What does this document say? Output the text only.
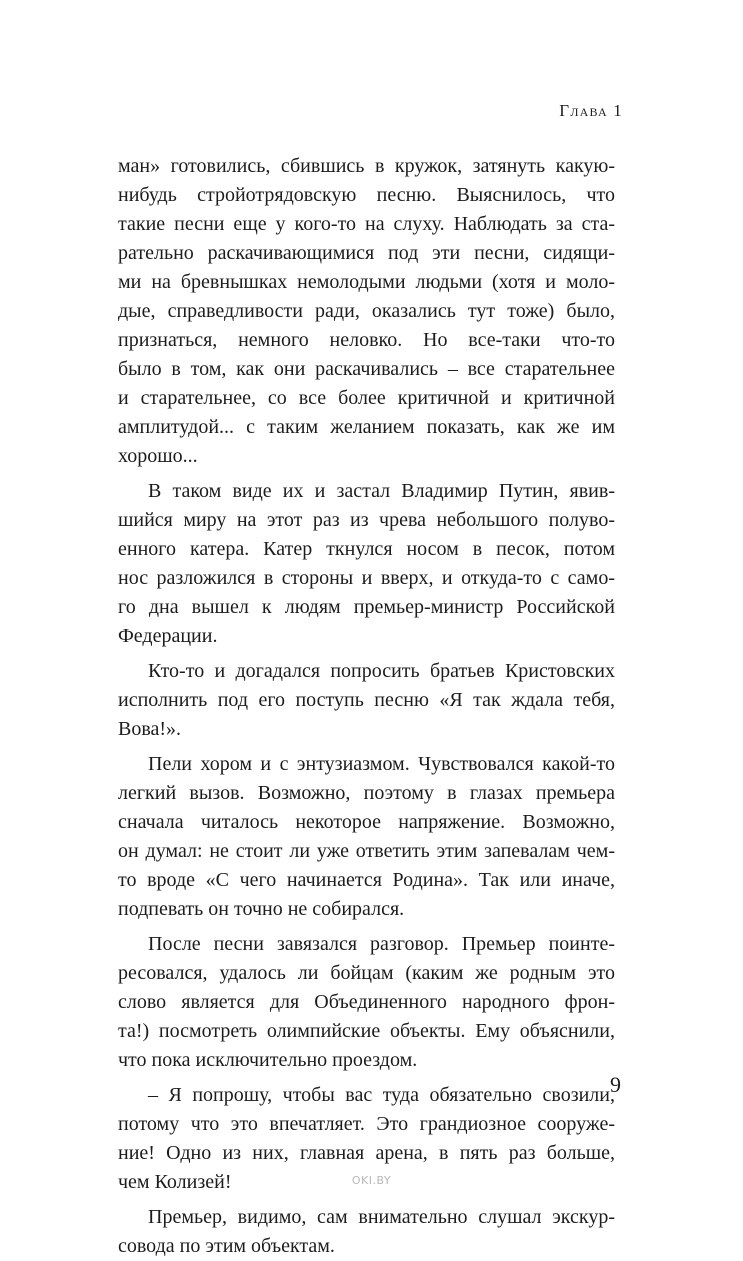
Глава 1
ман» готовились, сбившись в кружок, затянуть какую-
нибудь стройотрядовскую песню. Выяснилось, что
такие песни еще у кого-то на слуху. Наблюдать за ста-
рательно раскачивающимися под эти песни, сидящи-
ми на бревнышках немолодыми людьми (хотя и моло-
дые, справедливости ради, оказались тут тоже) было,
признаться, немного неловко. Но все-таки что-то
было в том, как они раскачивались – все старательнее
и старательнее, со все более критичной и критичной
амплитудой... с таким желанием показать, как же им
хорошо...
В таком виде их и застал Владимир Путин, явив-
шийся миру на этот раз из чрева небольшого полуво-
енного катера. Катер ткнулся носом в песок, потом
нос разложился в стороны и вверх, и откуда-то с само-
го дна вышел к людям премьер-министр Российской
Федерации.
Кто-то и догадался попросить братьев Кристовских
исполнить под его поступь песню «Я так ждала тебя,
Вова!».
Пели хором и с энтузиазмом. Чувствовался какой-то
легкий вызов. Возможно, поэтому в глазах премьера
сначала читалось некоторое напряжение. Возможно,
он думал: не стоит ли уже ответить этим запевалам чем-
то вроде «С чего начинается Родина». Так или иначе,
подпевать он точно не собирался.
После песни завязался разговор. Премьер поинте-
ресовался, удалось ли бойцам (каким же родным это
слово является для Объединенного народного фрон-
та!) посмотреть олимпийские объекты. Ему объяснили,
что пока исключительно проездом.
– Я попрошу, чтобы вас туда обязательно свозили,
потому что это впечатляет. Это грандиозное сооруже-
ние! Одно из них, главная арена, в пять раз больше,
чем Колизей!
Премьер, видимо, сам внимательно слушал экскур-
совода по этим объектам.
9
OKI.BY
